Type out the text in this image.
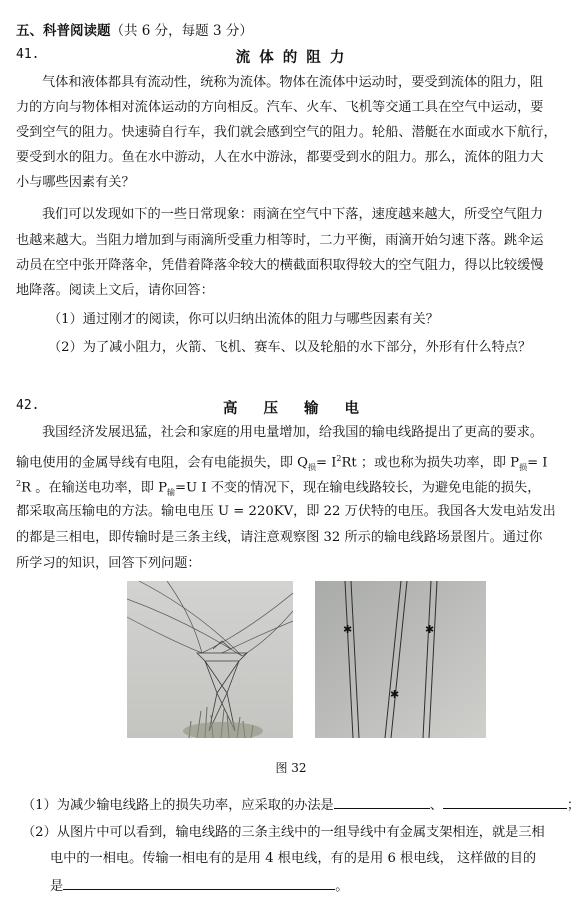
五、科普阅读题（共 6 分，每题 3 分）
41.	流 体 的 阻 力
气体和液体都具有流动性，统称为流体。物体在流体中运动时，要受到流体的阻力，阻
力的方向与物体相对流体运动的方向相反。汽车、火车、飞机等交通工具在空气中运动，要
受到空气的阻力。快速骑自行车，我们就会感到空气的阻力。轮船、潜艇在水面或水下航行，
要受到水的阻力。鱼在水中游动，人在水中游泳，都要受到水的阻力。那么，流体的阻力大
小与哪些因素有关？
我们可以发现如下的一些日常现象：雨滴在空气中下落，速度越来越大，所受空气阻力
也越来越大。当阻力增加到与雨滴所受重力相等时，二力平衡，雨滴开始匀速下落。跳伞运
动员在空中张开降落伞，凭借着降落伞较大的横截面积取得较大的空气阻力，得以比较缓慢
地降落。阅读上文后，请你回答：
（1）通过刚才的阅读，你可以归纳出流体的阻力与哪些因素有关？
（2）为了减小阻力，火箭、飞机、赛车、以及轮船的水下部分，外形有什么特点？
42.	高压输电
我国经济发展迅猛，社会和家庭的用电量增加，给我国的输电线路提出了更高的要求。
输电使用的金属导线有电阻，会有电能损失，即 $Q_损= I^2Rt$ ；或也称为损失功率，即 $P_损= I$
$^2$R 。在输送电功率，即 $P_输=U$ I 不变的情况下，现在输电线路较长，为避免电能的损失，
都采取高压输电的方法。输电电压 U = 220KV，即 22 万伏特的电压。我国各大发电站发出
的都是三相电，即传输时是三条主线，请注意观察图 32 所示的输电线路场景图片。通过你
所学习的知识，回答下列问题：
✱
✱
✱
图 32
（1）为减少输电线路上的损失功率，应采取的办法是	、	；
（2）从图片中可以看到，输电线路的三条主线中的一组导线中有金属支架相连，就是三相
电中的一相电。传输一相电有的是用 4 根电线，有的是用 6 根电线， 这样做的目的
是	。
